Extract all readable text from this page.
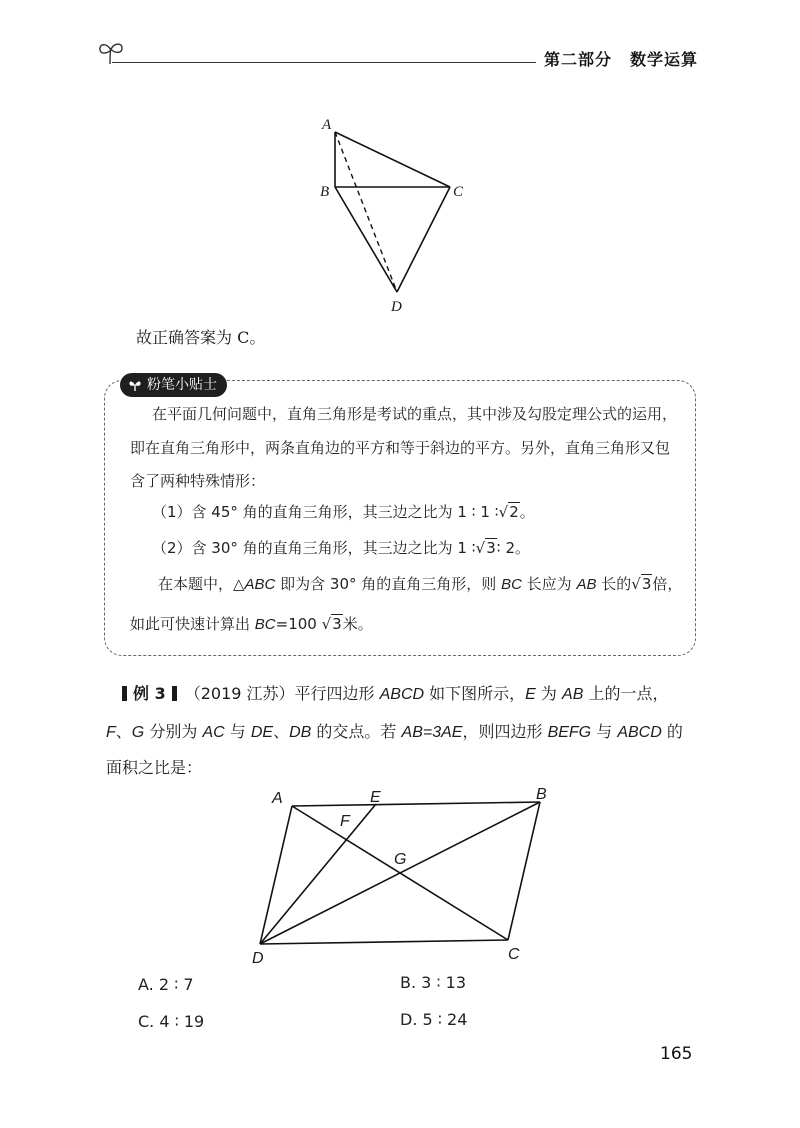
第二部分 数学运算
A
B	C
D
故正确答案为 C。
粉笔小贴士
在平面几何问题中，直角三角形是考试的重点，其中涉及勾股定理公式的运用，
即在直角三角形中，两条直角边的平方和等于斜边的平方。另外，直角三角形又包
含了两种特殊情形：
（1）含 45° 角的直角三角形，其三边之比为 1 ∶ 1 ∶√2。
（2）含 30° 角的直角三角形，其三边之比为 1 ∶√3∶ 2。
在本题中，△ABC 即为含 30° 角的直角三角形，则 BC 长应为 AB 长的√3倍，
如此可快速计算出 BC=100 √3米。
例 3 （2019 江苏）平行四边形 ABCD 如下图所示，E 为 AB 上的一点，
F、G 分别为 AC 与 DE、DB 的交点。若 AB=3AE，则四边形 BEFG 与 ABCD 的
面积之比是：
A	E	B
F
G
D	C
A. 2 ∶ 7	B. 3 ∶ 13
C. 4 ∶ 19	D. 5 ∶ 24
165
